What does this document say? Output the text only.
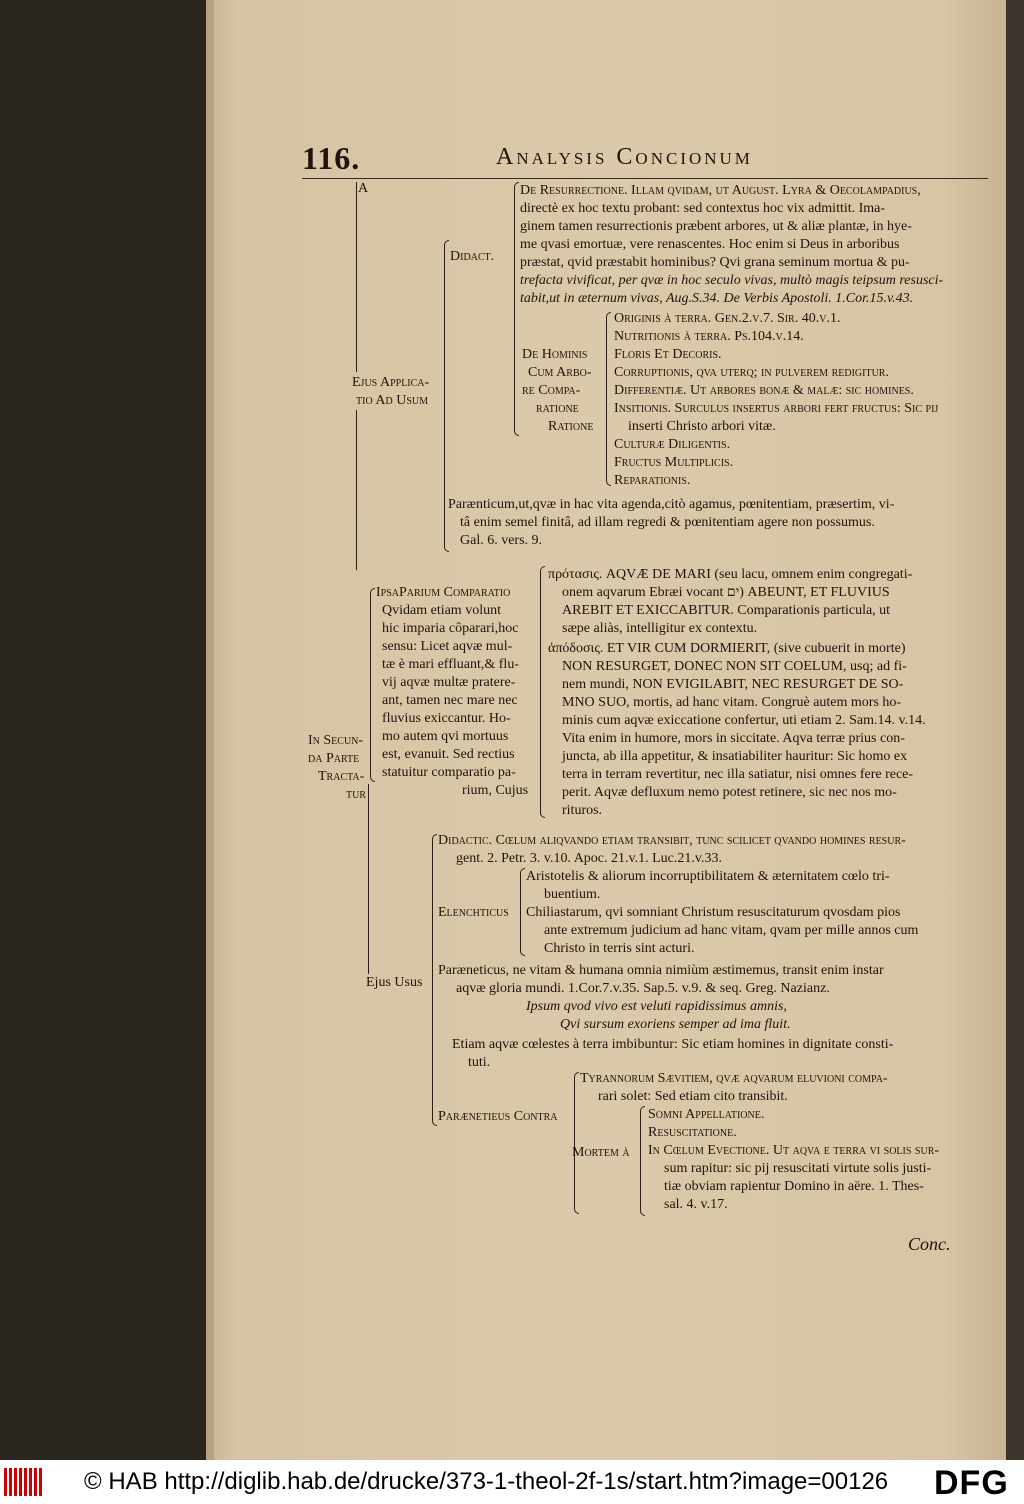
116.	Analysis Concionum
A
Ejus Applica-
tio Ad Usum
Didact.
De Resurrectione. Illam qvidam, ut August. Lyra & Oecolampadius,
directè ex hoc textu probant: sed contextus hoc vix admittit. Ima-
ginem tamen resurrectionis præbent arbores, ut & aliæ plantæ, in hye-
me qvasi emortuæ, vere renascentes. Hoc enim si Deus in arboribus
præstat, qvid præstabit hominibus? Qvi grana seminum mortua & pu-
trefacta vivificat, per qvæ in hoc seculo vivas, multò magis teipsum resusci-
tabit,ut in æternum vivas, Aug.S.34. De Verbis Apostoli. 1.Cor.15.v.43.
De Hominis
Cum Arbo-
re Compa-
ratione
Ratione
Originis à terra. Gen.2.v.7. Sir. 40.v.1.
Nutritionis à terra. Ps.104.v.14.
Floris Et Decoris.
Corruptionis, qva uterq; in pulverem redigitur.
Differentiæ. Ut arbores bonæ & malæ: sic homines.
Insitionis. Surculus insertus arbori fert fructus: Sic pij
inserti Christo arbori vitæ.
Culturæ Diligentis.
Fructus Multiplicis.
Reparationis.
Parænticum,ut,qvæ in hac vita agenda,citò agamus, pœnitentiam, præsertim, vi-
tâ enim semel finitâ, ad illam regredi & pœnitentiam agere non possumus.
Gal. 6. vers. 9.
IpsaParium Comparatio
Qvidam etiam volunt
hic imparia côparari,hoc
sensu: Licet aqvæ mul-
tæ è mari effluant,& flu-
vij aqvæ multæ pratere-
ant, tamen nec mare nec
fluvius exiccantur. Ho-
mo autem qvi mortuus
est, evanuit. Sed rectius
statuitur comparatio pa-
rium, Cujus
πρότασις. AQVÆ DE MARI (seu lacu, omnem enim congregati-
onem aqvarum Ebræi vocant ים) ABEUNT, ET FLUVIUS
AREBIT ET EXICCABITUR. Comparationis particula, ut
sæpe aliàs, intelligitur ex contextu.
ἀπόδοσις. ET VIR CUM DORMIERIT, (sive cubuerit in morte)
NON RESURGET, DONEC NON SIT COELUM, usq; ad fi-
nem mundi, NON EVIGILABIT, NEC RESURGET DE SO-
MNO SUO, mortis, ad hanc vitam. Congruè autem mors ho-
minis cum aqvæ exiccatione confertur, uti etiam 2. Sam.14. v.14.
Vita enim in humore, mors in siccitate. Aqva terræ prius con-
juncta, ab illa appetitur, & insatiabiliter hauritur: Sic homo ex
terra in terram revertitur, nec illa satiatur, nisi omnes fere rece-
perit. Aqvæ defluxum nemo potest retinere, sic nec nos mo-
rituros.
In Secun-
da Parte
Tracta-
tur
Ejus Usus
Didactic. Cœlum aliqvando etiam transibit, tunc scilicet qvando homines resur-
gent. 2. Petr. 3. v.10. Apoc. 21.v.1. Luc.21.v.33.
Elenchticus
Aristotelis & aliorum incorruptibilitatem & æternitatem cœlo tri-
buentium.
Chiliastarum, qvi somniant Christum resuscitaturum qvosdam pios
ante extremum judicium ad hanc vitam, qvam per mille annos cum
Christo in terris sint acturi.
Paræneticus, ne vitam & humana omnia nimiùm æstimemus, transit enim instar
aqvæ gloria mundi. 1.Cor.7.v.35. Sap.5. v.9. & seq. Greg. Nazianz.
Ipsum qvod vivo est veluti rapidissimus amnis,
Qvi sursum exoriens semper ad ima fluit.
Etiam aqvæ cœlestes à terra imbibuntur: Sic etiam homines in dignitate consti-
tuti.
Parænetieus Contra
Tyrannorum Sævitiem, qvæ aqvarum eluvioni compa-
rari solet: Sed etiam cito transibit.
Mortem à
Somni Appellatione.
Resuscitatione.
In Cœlum Evectione. Ut aqva e terra vi solis sur-
sum rapitur: sic pij resuscitati virtute solis justi-
tiæ obviam rapientur Domino in aëre. 1. Thes-
sal. 4. v.17.
Conc.
© HAB http://diglib.hab.de/drucke/373-1-theol-2f-1s/start.htm?image=00126 DFG
